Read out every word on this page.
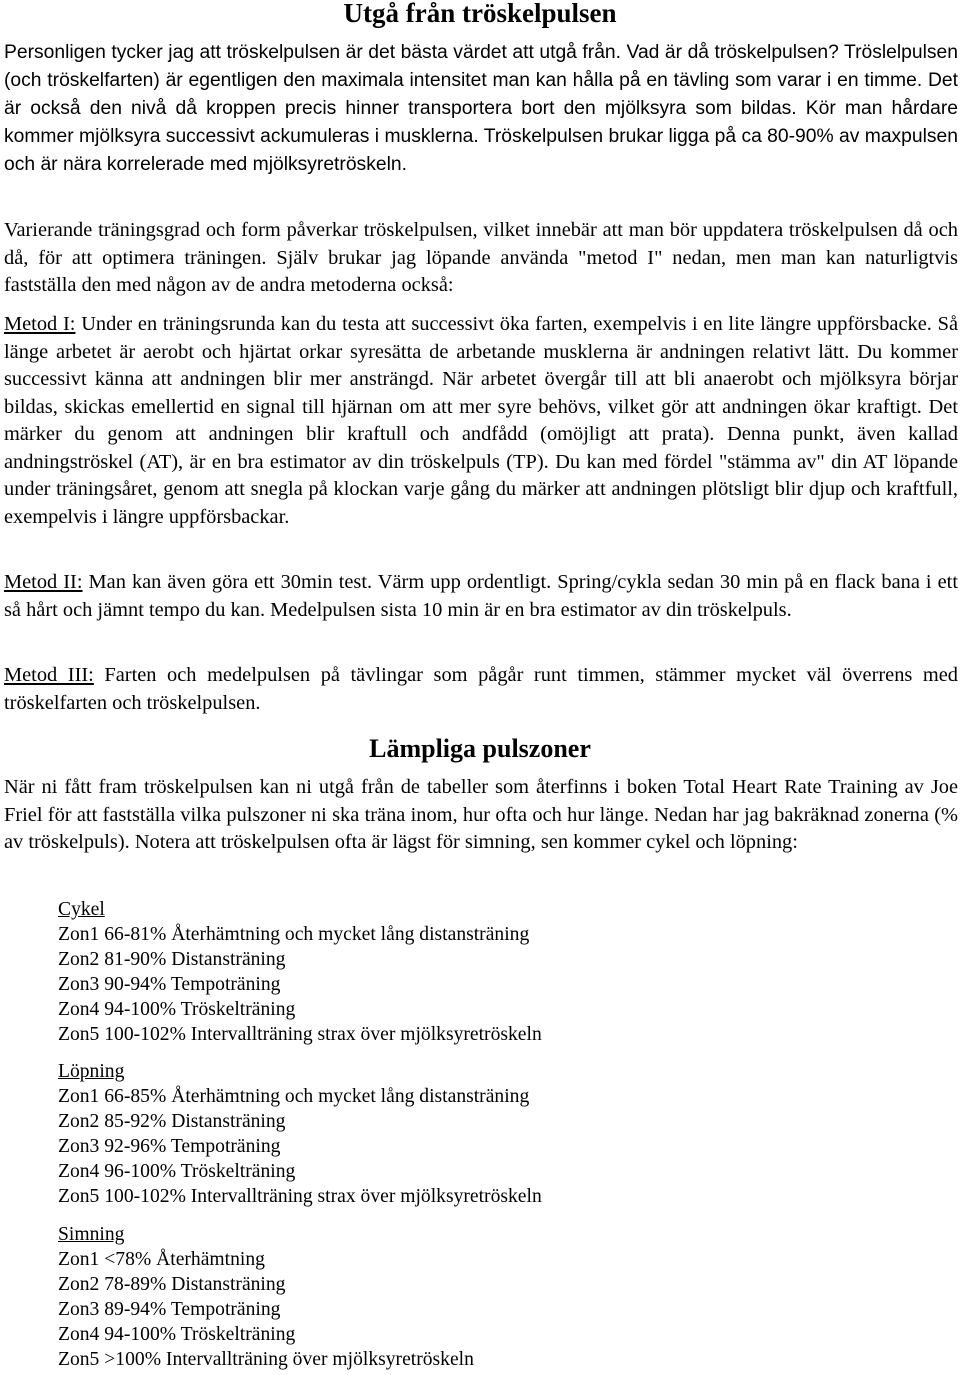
Utgå från tröskelpulsen

Personligen tycker jag att tröskelpulsen är det bästa värdet att utgå från. Vad är då tröskelpulsen? Tröslelpulsen (och tröskelfarten) är egentligen den maximala intensitet man kan hålla på en tävling som varar i en timme. Det är också den nivå då kroppen precis hinner transportera bort den mjölksyra som bildas. Kör man hårdare kommer mjölksyra successivt ackumuleras i musklerna. Tröskelpulsen brukar ligga på ca 80-90% av maxpulsen och är nära korrelerade med mjölksyretröskeln.

Varierande träningsgrad och form påverkar tröskelpulsen, vilket innebär att man bör uppdatera tröskelpulsen då och då, för att optimera träningen. Själv brukar jag löpande använda "metod I" nedan, men man kan naturligtvis fastställa den med någon av de andra metoderna också:

Metod I: Under en träningsrunda kan du testa att successivt öka farten, exempelvis i en lite längre uppförsbacke. Så länge arbetet är aerobt och hjärtat orkar syresätta de arbetande musklerna är andningen relativt lätt. Du kommer successivt känna att andningen blir mer ansträngd. När arbetet övergår till att bli anaerobt och mjölksyra börjar bildas, skickas emellertid en signal till hjärnan om att mer syre behövs, vilket gör att andningen ökar kraftigt. Det märker du genom att andningen blir kraftull och andfådd (omöjligt att prata). Denna punkt, även kallad andningströskel (AT), är en bra estimator av din tröskelpuls (TP). Du kan med fördel "stämma av" din AT löpande under träningsåret, genom att snegla på klockan varje gång du märker att andningen plötsligt blir djup och kraftfull, exempelvis i längre uppförsbackar.

Metod II: Man kan även göra ett 30min test. Värm upp ordentligt. Spring/cykla sedan 30 min på en flack bana i ett så hårt och jämnt tempo du kan. Medelpulsen sista 10 min är en bra estimator av din tröskelpuls.

Metod III: Farten och medelpulsen på tävlingar som pågår runt timmen, stämmer mycket väl överrens med tröskelfarten och tröskelpulsen.

Lämpliga pulszoner

När ni fått fram tröskelpulsen kan ni utgå från de tabeller som återfinns i boken Total Heart Rate Training av Joe Friel för att fastställa vilka pulszoner ni ska träna inom, hur ofta och hur länge. Nedan har jag bakräknad zonerna (% av tröskelpuls). Notera att tröskelpulsen ofta är lägst för simning, sen kommer cykel och löpning:

Cykel
Zon1 66-81% Återhämtning och mycket lång distansträning
Zon2 81-90% Distansträning
Zon3 90-94% Tempoträning
Zon4 94-100% Tröskelträning
Zon5 100-102% Intervallträning strax över mjölksyretröskeln
Löpning
Zon1 66-85% Återhämtning och mycket lång distansträning
Zon2 85-92% Distansträning
Zon3 92-96% Tempoträning
Zon4 96-100% Tröskelträning
Zon5 100-102% Intervallträning strax över mjölksyretröskeln
Simning
Zon1 <78% Återhämtning
Zon2 78-89% Distansträning
Zon3 89-94% Tempoträning
Zon4 94-100% Tröskelträning
Zon5 >100% Intervallträning över mjölksyretröskeln
